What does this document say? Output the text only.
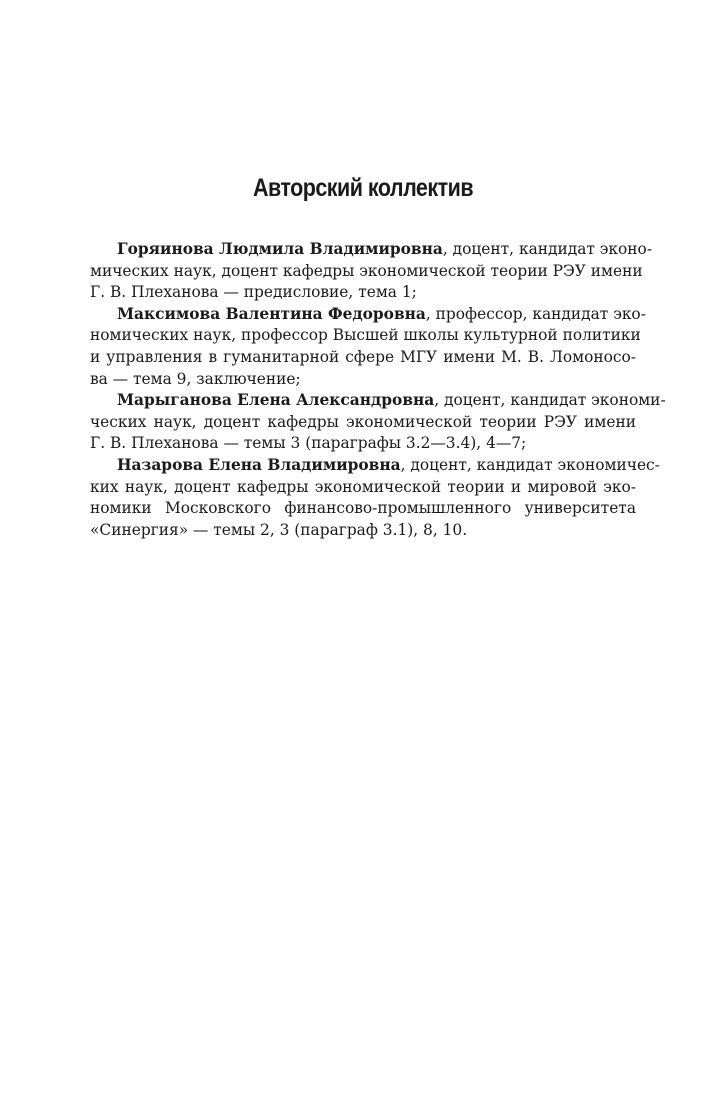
Авторский коллектив
Горяинова Людмила Владимировна, доцент, кандидат эконо-
мических наук, доцент кафедры экономической теории РЭУ имени
Г. В. Плеханова — предисловие, тема 1;
Максимова Валентина Федоровна, профессор, кандидат эко-
номических наук, профессор Высшей школы культурной политики
и управления в гуманитарной сфере МГУ имени М. В. Ломоносо-
ва — тема 9, заключение;
Марыганова Елена Александровна, доцент, кандидат экономи-
ческих наук, доцент кафедры экономической теории РЭУ имени
Г. В. Плеханова — темы 3 (параграфы 3.2—3.4), 4—7;
Назарова Елена Владимировна, доцент, кандидат экономичес-
ких наук, доцент кафедры экономической теории и мировой эко-
номики Московского финансово-промышленного университета
«Синергия» — темы 2, 3 (параграф 3.1), 8, 10.
